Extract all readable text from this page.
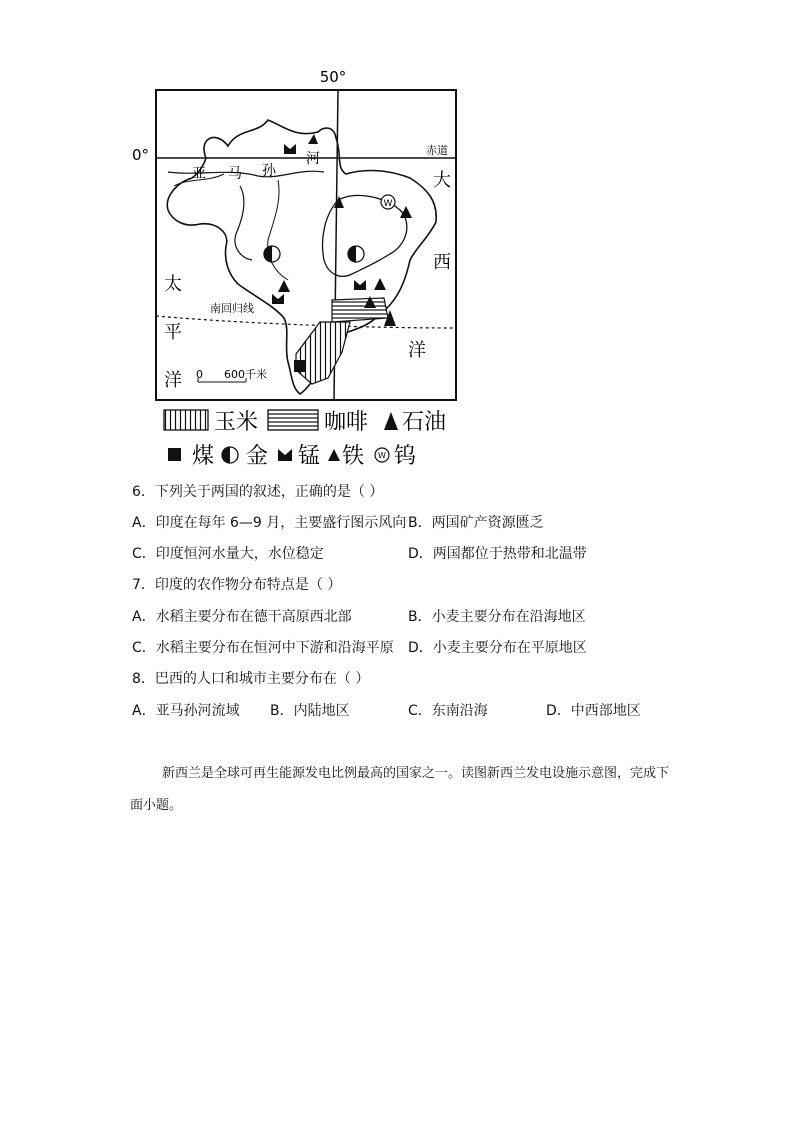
50°
0°	赤道
南回归线
亚 马 孙
河
大
西
洋
太
平
洋 0 600千米
W
玉米	咖啡 石油
煤 金 锰 铁 W 钨
6．下列关于两国的叙述，正确的是（ ）
A．印度在每年 6—9 月，主要盛行图示风向 B．两国矿产资源匮乏
C．印度恒河水量大，水位稳定	D．两国都位于热带和北温带
7．印度的农作物分布特点是（ ）
A．水稻主要分布在德干高原西北部	B．小麦主要分布在沿海地区
C．水稻主要分布在恒河中下游和沿海平原 D．小麦主要分布在平原地区
8．巴西的人口和城市主要分布在（ ）
A．亚马孙河流域 B．内陆地区	C．东南沿海	D．中西部地区
新西兰是全球可再生能源发电比例最高的国家之一。读图新西兰发电设施示意图，完成下面小题。
